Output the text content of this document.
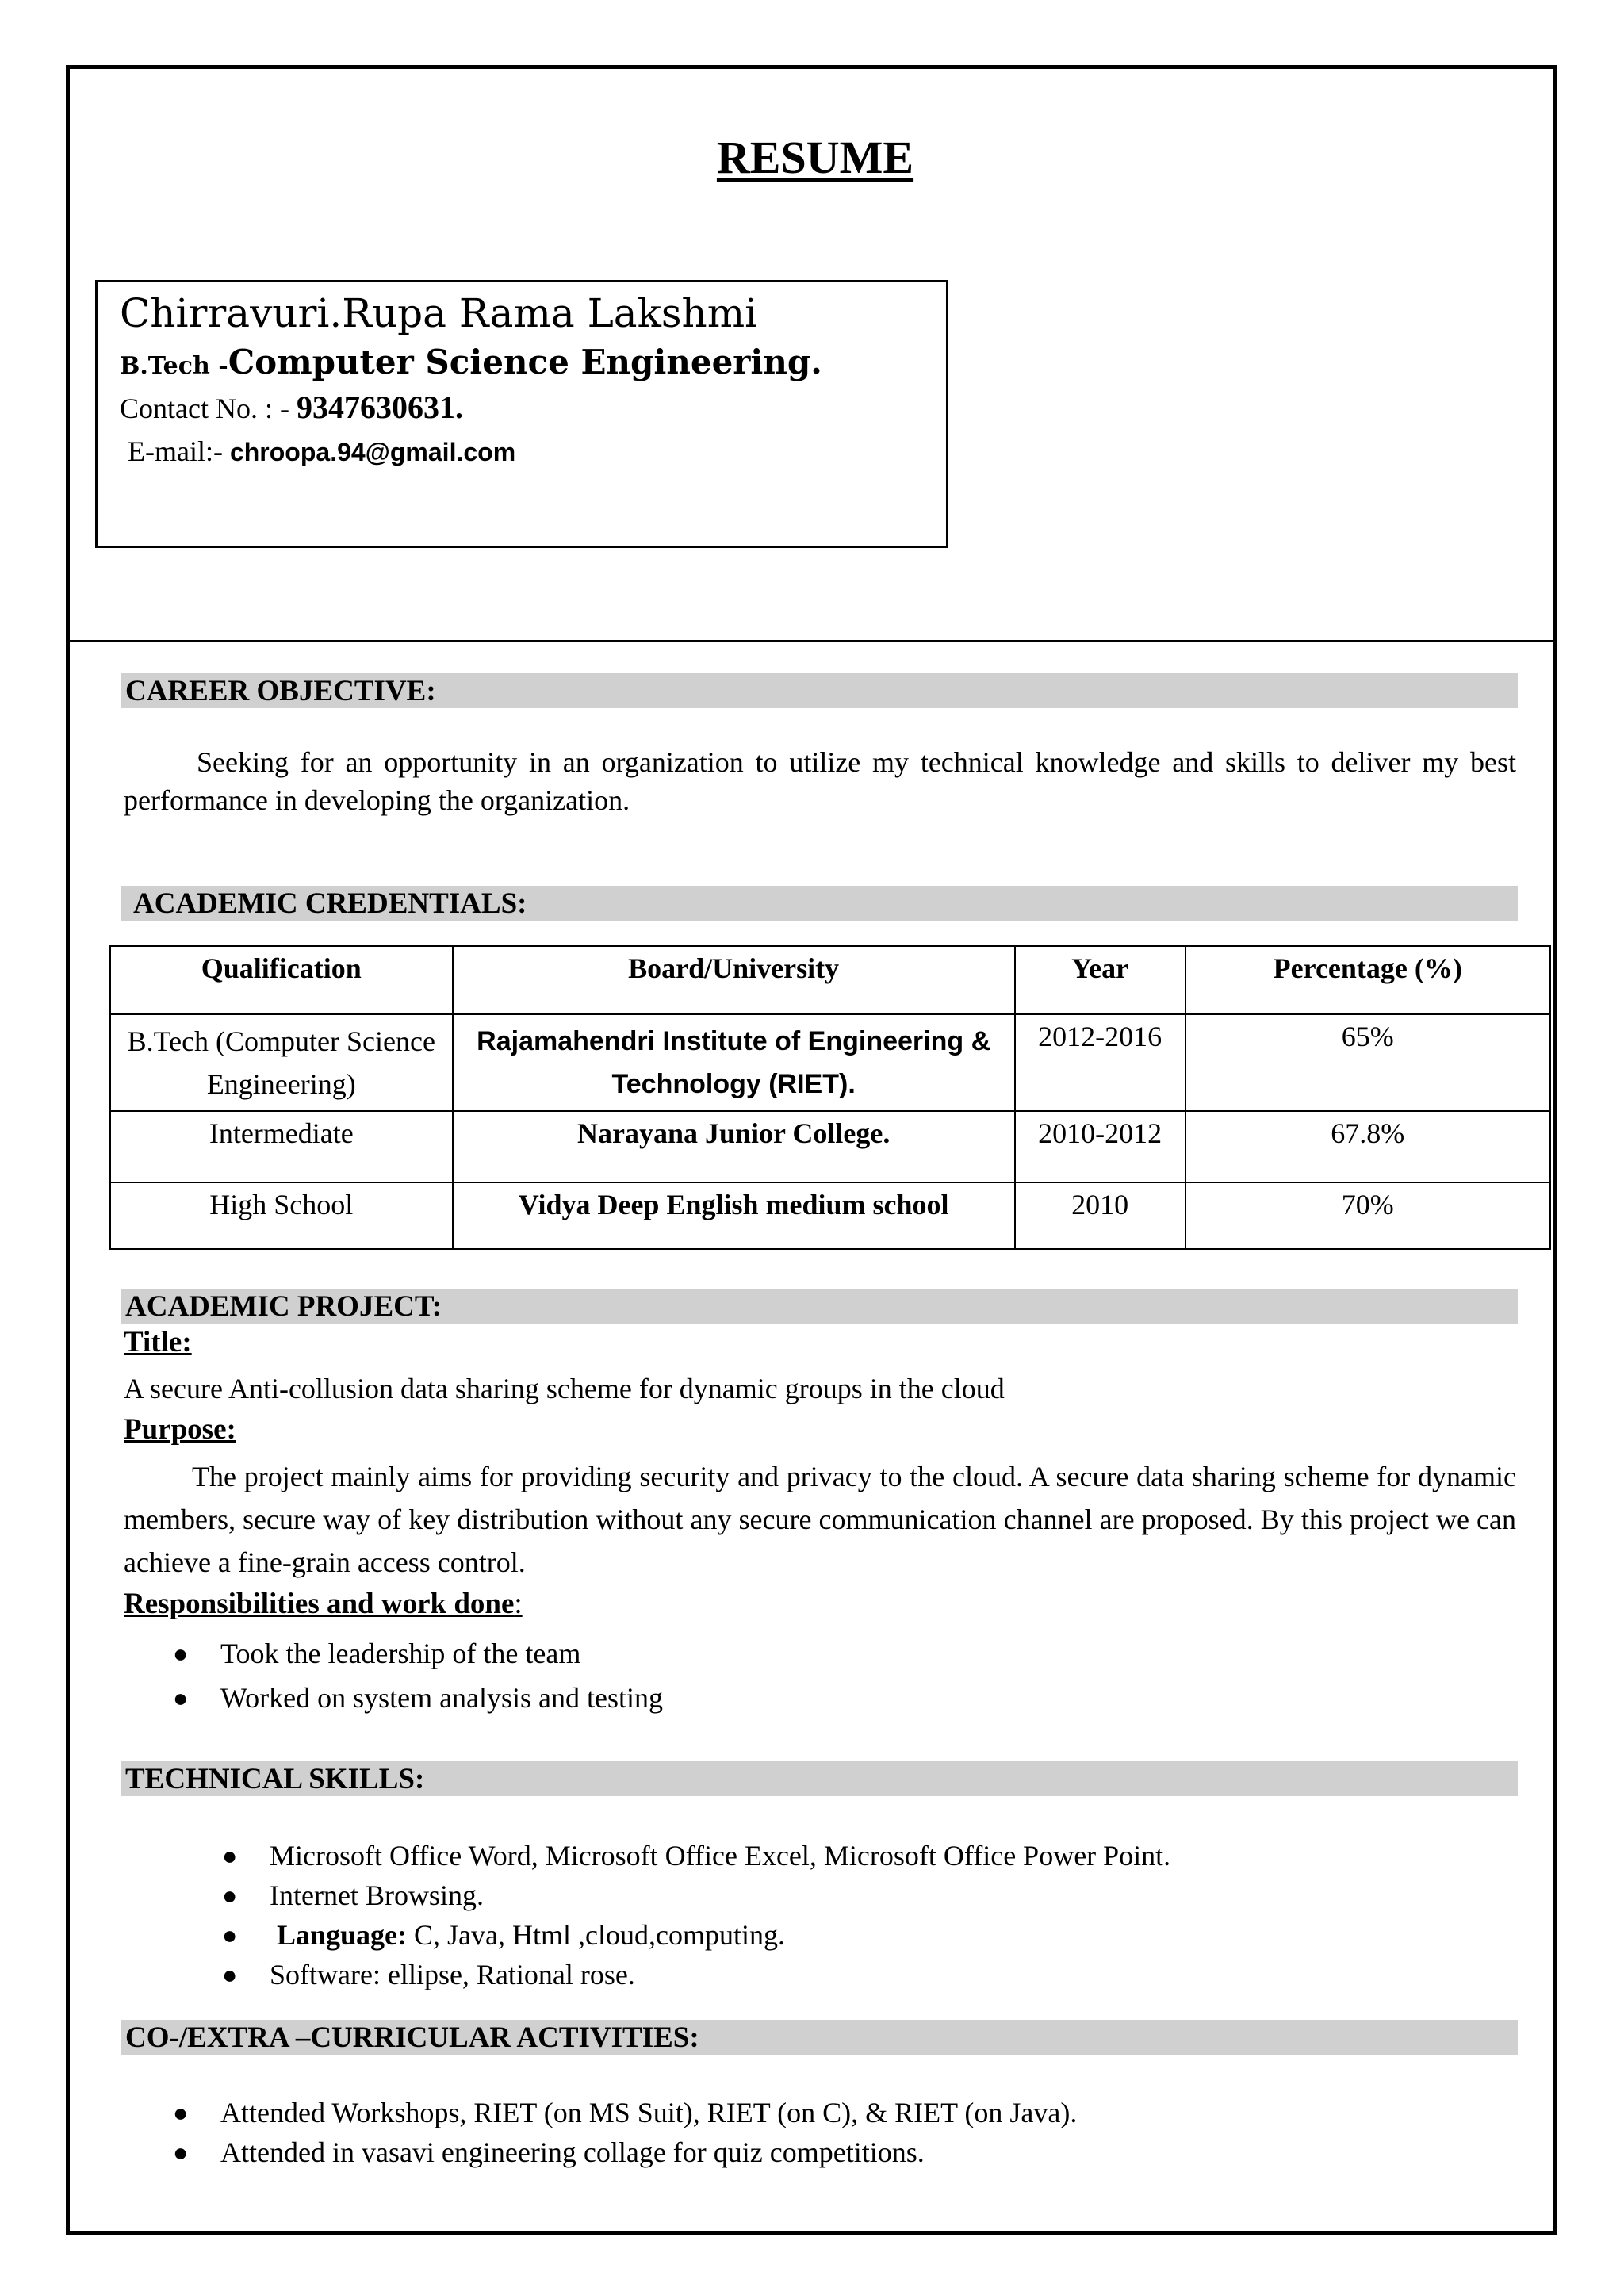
RESUME
Chirravuri.Rupa Rama Lakshmi
B.Tech -Computer Science Engineering.
Contact No. : - 9347630631.
E-mail:- chroopa.94@gmail.com
CAREER OBJECTIVE:
Seeking for an opportunity in an organization to utilize my technical knowledge and skills to deliver my best performance in developing the organization.
ACADEMIC CREDENTIALS:
Qualification	Board/University	Year	Percentage (%)
B.Tech (Computer Science Engineering)	Rajamahendri Institute of Engineering & Technology (RIET).	2012-2016	65%
Intermediate	Narayana Junior College.	2010-2012	67.8%
High School	Vidya Deep English medium school	2010	70%
ACADEMIC PROJECT:
Title:
A secure Anti-collusion data sharing scheme for dynamic groups in the cloud
Purpose:
The project mainly aims for providing security and privacy to the cloud. A secure data sharing scheme for dynamic members, secure way of key distribution without any secure communication channel are proposed. By this project we can achieve a fine-grain access control.
Responsibilities and work done:
● Took the leadership of the team
● Worked on system analysis and testing
TECHNICAL SKILLS:
● Microsoft Office Word, Microsoft Office Excel, Microsoft Office Power Point.
● Internet Browsing.
● Language: C, Java, Html ,cloud,computing.
● Software: ellipse, Rational rose.
CO-/EXTRA –CURRICULAR ACTIVITIES:
● Attended Workshops, RIET (on MS Suit), RIET (on C), & RIET (on Java).
● Attended in vasavi engineering collage for quiz competitions.
